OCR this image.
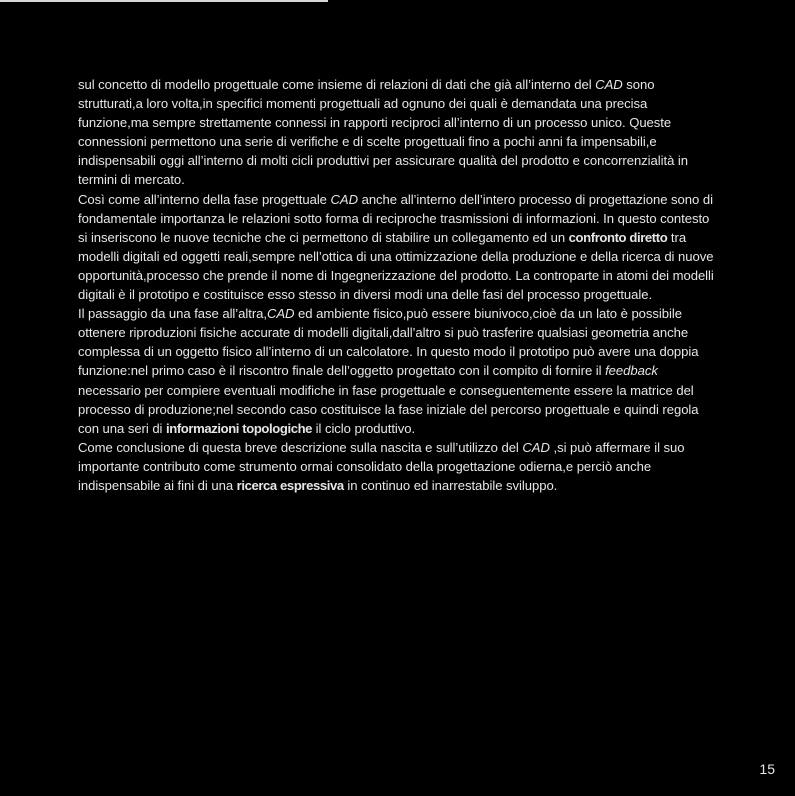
sul concetto di modello progettuale come insieme di relazioni di dati che già all’interno del CAD sono strutturati,a loro volta,in specifici momenti progettuali ad ognuno dei quali è demandata una precisa funzione,ma sempre strettamente connessi in rapporti reciproci all’interno di un processo unico. Queste connessioni permettono una serie di verifiche e di scelte progettuali fino a pochi anni fa impensabili,e indispensabili oggi all’interno di molti cicli produttivi per assicurare qualità del prodotto e concorrenzialità in termini di mercato.

Così come all’interno della fase progettuale CAD anche all’interno dell’intero processo di progettazione sono di fondamentale importanza le relazioni sotto forma di reciproche trasmissioni di informazioni. In questo contesto si inseriscono le nuove tecniche che ci permettono di stabilire un collegamento ed un confronto diretto tra modelli digitali ed oggetti reali,sempre nell’ottica di una ottimizzazione della produzione e della ricerca di nuove opportunità,processo che prende il nome di Ingegnerizzazione del prodotto. La controparte in atomi dei modelli digitali è il prototipo e costituisce esso stesso in diversi modi una delle fasi del processo progettuale.

Il passaggio da una fase all’altra,CAD ed ambiente fisico,può essere biunivoco,cioè da un lato è possibile ottenere riproduzioni fisiche accurate di modelli digitali,dall’altro si può trasferire qualsiasi geometria anche complessa di un oggetto fisico all’interno di un calcolatore. In questo modo il prototipo può avere una doppia funzione:nel primo caso è il riscontro finale dell’oggetto progettato con il compito di fornire il feedback necessario per compiere eventuali modifiche in fase progettuale e conseguentemente essere la matrice del processo di produzione;nel secondo caso costituisce la fase iniziale del percorso progettuale e quindi regola con una seri di informazioni topologiche il ciclo produttivo.

Come conclusione di questa breve descrizione sulla nascita e sull’utilizzo del CAD ,si può affermare il suo importante contributo come strumento ormai consolidato della progettazione odierna,e perciò anche indispensabile ai fini di una ricerca espressiva in continuo ed inarrestabile sviluppo.

15
